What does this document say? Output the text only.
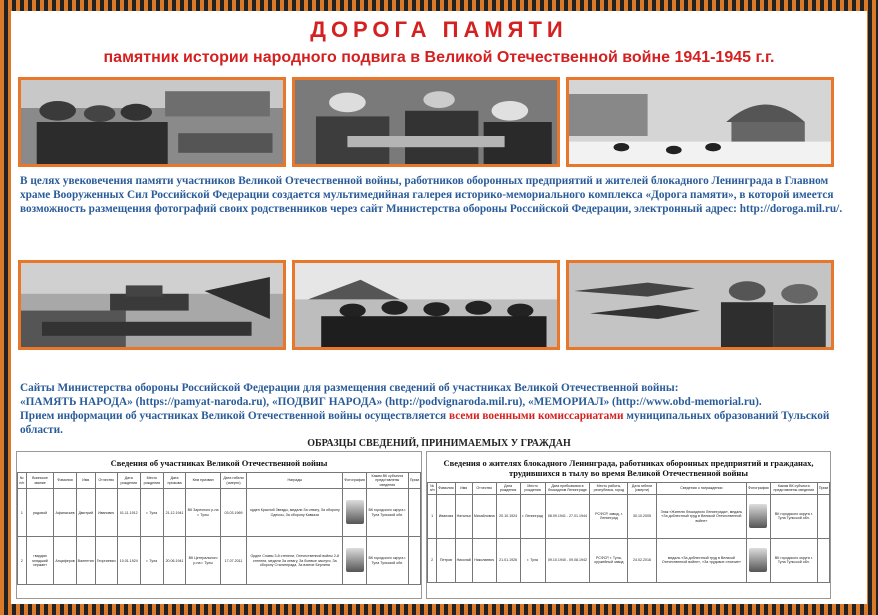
ДОРОГА ПАМЯТИ
памятник истории народного подвига в Великой Отечественной войне 1941-1945 г.г.
В целях увековечения памяти участников Великой Отечественной войны, работников оборонных предприятий и жителей блокадного Ленинграда в Главном храме Вооруженных Сил Российской Федерации создается мультимедийная галерея историко-мемориального комплекса «Дорога памяти», в которой имеется возможность размещения фотографий своих родственников через сайт Министерства обороны Российской Федерации, электронный адрес: http://doroga.mil.ru/.
Сайты Министерства обороны Российской Федерации для размещения сведений об участниках Великой Отечественной войны:
«ПАМЯТЬ НАРОДА» (https://pamyat-naroda.ru), «ПОДВИГ НАРОДА» (http://podvignaroda.mil.ru), «МЕМОРИАЛ» (http://www.obd-memorial.ru).
Прием информации об участниках Великой Отечественной войны осуществляется всеми военными комиссариатами муниципальных образований Тульской области.
ОБРАЗЦЫ СВЕДЕНИЙ, ПРИНИМАЕМЫХ У ГРАЖДАН
Сведения об участниках Великой Отечественной войны
№ п/п	Воинское звание	Фамилия	Имя	Отчество	Дата рождения	Место рождения	Дата призыва	Кем призван	Дата гибели (смерти)	Награды	Фотография	Каким ВК субъекта представлены сведения	Прим
1	рядовой	Афанасьев	Дмитрий	Иванович	01.11.1912	г. Тула	21.12.1941	ВК Заречного р-на г. Тулы	03.03.1969	орден Красной Звезды, медали За отвагу, За оборону Одессы, За оборону Кавказа		ВК городского округа г. Тула Тульской обл.	
2	гвардии младший сержант	Анциферов	Валентин	Георгиевич	10.01.1924	г. Тула	20.06.1941	ВК Центрального р-на г. Тулы	17.07.2011	Орден Славы 3-й степени, Отечественной войны 2-й степени, медали За отвагу, За боевые заслуги, За оборону Сталинграда, За взятие Берлина		ВК городского округа г. Тула Тульской обл.	
Сведения о жителях блокадного Ленинграда, работниках оборонных предприятий и гражданах, трудившихся в тылу во время Великой Отечественной войны
№ п/п	Фамилия	Имя	Отчество	Дата рождения	Место рождения	Дата пребывания в блокадном Ленинграде	Место работы, республика, город	Дата гибели (смерти)	Сведения о награждении	Фотография	Каким ВК субъекта представлены сведения	Прим
1	Иванова	Наталья	Михайловна	20.10.1924	г. Ленинград	08.09.1941 - 27.01.1944	РСФСР, завод, г. Ленинград	30.10.2005	Знак «Жителю блокадного Ленинграда», медаль «За доблестный труд в Великой Отечественной войне»		ВК городского округа г. Тула Тульской обл.	
2	Петров	Николай	Николаевич	21.01.1926	г. Тула	09.10.1940 - 09.08.1942	РСФСР, г. Тула, оружейный завод	24.02.2016	медаль «За доблестный труд в Великой Отечественной войне», «За трудовое отличие»		ВК городского округа г. Тула Тульской обл.	
